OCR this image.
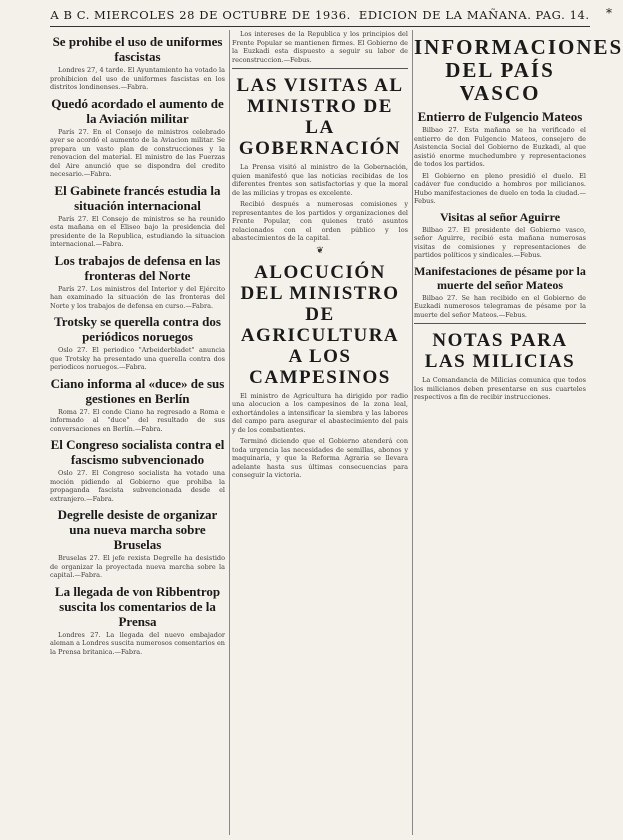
A B C. MIERCOLES 28 DE OCTUBRE DE 1936. EDICION DE LA MAÑANA. PAG. 14. *
Se prohibe el uso de uniformes fascistas

Londres 27, 4 tarde. El Ayuntamiento ha votado la prohibicion del uso de uniformes fascistas en los distritos londinenses.—Fabra.

Quedó acordado el aumento de la Aviación militar

París 27. En el Consejo de ministros celebrado ayer se acordó el aumento de la Aviacion militar. Se prepara un vasto plan de construcciones y la renovacion del material. El ministro de las Fuerzas del Aire anunció que se dispondra del credito necesario.—Fabra.

El Gabinete francés estudia la situación internacional

París 27. El Consejo de ministros se ha reunido esta mañana en el Eliseo bajo la presidencia del presidente de la Republica, estudiando la situacion internacional.—Fabra.

Los trabajos de defensa en las fronteras del Norte

París 27. Los ministros del Interior y del Ejército han examinado la situación de las fronteras del Norte y los trabajos de defensa en curso.—Fabra.

Trotsky se querella contra dos periódicos noruegos

Oslo 27. El periodico "Arbeiderbladet" anuncia que Trotsky ha presentado una querella contra dos periodicos noruegos.—Fabra.

Ciano informa al «duce» de sus gestiones en Berlín

Roma 27. El conde Ciano ha regresado a Roma e informado al "duce" del resultado de sus conversaciones en Berlín.—Fabra.

El Congreso socialista contra el fascismo subvencionado

Oslo 27. El Congreso socialista ha votado una moción pidiendo al Gobierno que prohiba la propaganda fascista subvencionada desde el extranjero.—Fabra.

Degrelle desiste de organizar una nueva marcha sobre Bruselas

Bruselas 27. El jefe rexista Degrelle ha desistido de organizar la proyectada nueva marcha sobre la capital.—Fabra.

La llegada de von Ribbentrop suscita los comentarios de la Prensa

Londres 27. La llegada del nuevo embajador aleman a Londres suscita numerosos comentarios en la Prensa britanica.—Fabra.

Los intereses de la Republica y los principios del Frente Popular se mantienen firmes. El Gobierno de la Euzkadi esta dispuesto a seguir su labor de reconstruccion.—Febus.

LAS VISITAS AL MINISTRO DE LA GOBERNACIÓN

La Prensa visitó al ministro de la Gobernación, quien manifestó que las noticias recibidas de los diferentes frentes son satisfactorias y que la moral de las milicias y tropas es excelente.

Recibió después a numerosas comisiones y representantes de los partidos y organizaciones del Frente Popular, con quienes trató asuntos relacionados con el orden público y los abastecimientos de la capital.

❦
ALOCUCIÓN DEL MINISTRO DE AGRICULTURA A LOS CAMPESINOS

El ministro de Agricultura ha dirigido por radio una alocucion a los campesinos de la zona leal, exhortándoles a intensificar la siembra y las labores del campo para asegurar el abastecimiento del pais y de los combatientes.

Terminó diciendo que el Gobierno atenderá con toda urgencia las necesidades de semillas, abonos y maquinaria, y que la Reforma Agraria se llevara adelante hasta sus últimas consecuencias para conseguir la victoria.

INFORMACIONES DEL PAÍS VASCO
Entierro de Fulgencio Mateos

Bilbao 27. Esta mañana se ha verificado el entierro de don Fulgencio Mateos, consejero de Asistencia Social del Gobierno de Euzkadi, al que asistió enorme muchedumbre y representaciones de todos los partidos.

El Gobierno en pleno presidió el duelo. El cadáver fue conducido a hombros por milicianos. Hubo manifestaciones de duelo en toda la ciudad.—Febus.

Visitas al señor Aguirre

Bilbao 27. El presidente del Gobierno vasco, señor Aguirre, recibió esta mañana numerosas visitas de comisiones y representaciones de partidos políticos y sindicales.—Febus.

Manifestaciones de pésame por la muerte del señor Mateos

Bilbao 27. Se han recibido en el Gobierno de Euzkadi numerosos telegramas de pésame por la muerte del señor Mateos.—Febus.

NOTAS PARA LAS MILICIAS

La Comandancia de Milicias comunica que todos los milicianos deben presentarse en sus cuarteles respectivos a fin de recibir instrucciones.
